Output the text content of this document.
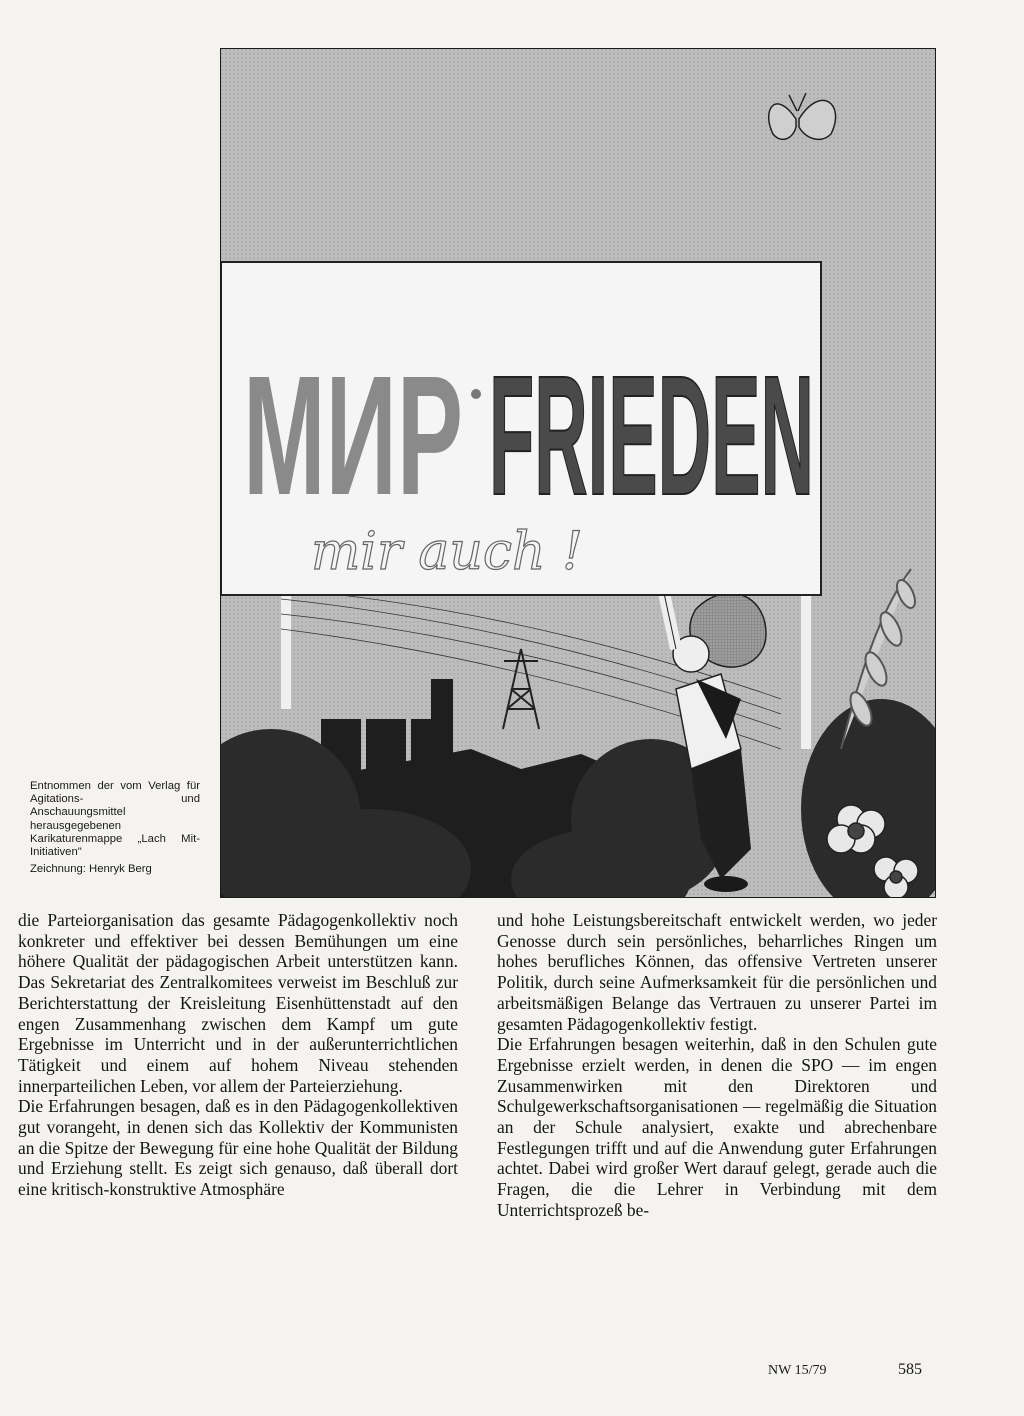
Entnommen der vom Verlag für Agitations- und Anschauungsmittel herausgegebenen Karikaturenmappe „Lach Mit-Initiativen"

Zeichnung: Henryk Berg

МИР FRIEDEN
mir auch !

die Parteiorganisation das gesamte Pädagogenkollektiv noch konkreter und effektiver bei dessen Bemühungen um eine höhere Qualität der pädagogischen Arbeit unterstützen kann. Das Sekretariat des Zentralkomitees verweist im Beschluß zur Berichterstattung der Kreisleitung Eisenhüttenstadt auf den engen Zusammenhang zwischen dem Kampf um gute Ergebnisse im Unterricht und in der außerunterrichtlichen Tätigkeit und einem auf hohem Niveau stehenden innerparteilichen Leben, vor allem der Parteierziehung.

Die Erfahrungen besagen, daß es in den Pädagogenkollektiven gut vorangeht, in denen sich das Kollektiv der Kommunisten an die Spitze der Bewegung für eine hohe Qualität der Bildung und Erziehung stellt. Es zeigt sich genauso, daß überall dort eine kritisch-konstruktive Atmosphäre

und hohe Leistungsbereitschaft entwickelt werden, wo jeder Genosse durch sein persönliches, beharrliches Ringen um hohes berufliches Können, das offensive Vertreten unserer Politik, durch seine Aufmerksamkeit für die persönlichen und arbeitsmäßigen Belange das Vertrauen zu unserer Partei im gesamten Pädagogenkollektiv festigt.

Die Erfahrungen besagen weiterhin, daß in den Schulen gute Ergebnisse erzielt werden, in denen die SPO — im engen Zusammenwirken mit den Direktoren und Schulgewerkschaftsorganisationen — regelmäßig die Situation an der Schule analysiert, exakte und abrechenbare Festlegungen trifft und auf die Anwendung guter Erfahrungen achtet. Dabei wird großer Wert darauf gelegt, gerade auch die Fragen, die die Lehrer in Verbindung mit dem Unterrichtsprozeß be-

NW 15/79	585
